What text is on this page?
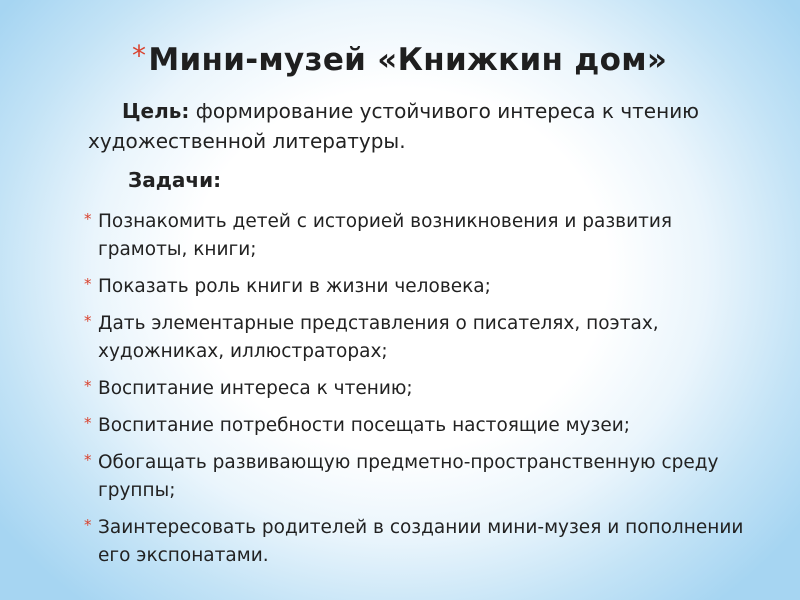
*Мини-музей «Книжкин дом»
Цель: формирование устойчивого интереса к чтению художественной литературы.
Задачи:
* Познакомить детей с историей возникновения и развития грамоты, книги;
* Показать роль книги в жизни человека;
* Дать элементарные представления о писателях, поэтах, художниках, иллюстраторах;
* Воспитание интереса к чтению;
* Воспитание потребности посещать настоящие музеи;
* Обогащать развивающую предметно-пространственную среду группы;
* Заинтересовать родителей в создании мини-музея и пополнении его экспонатами.
